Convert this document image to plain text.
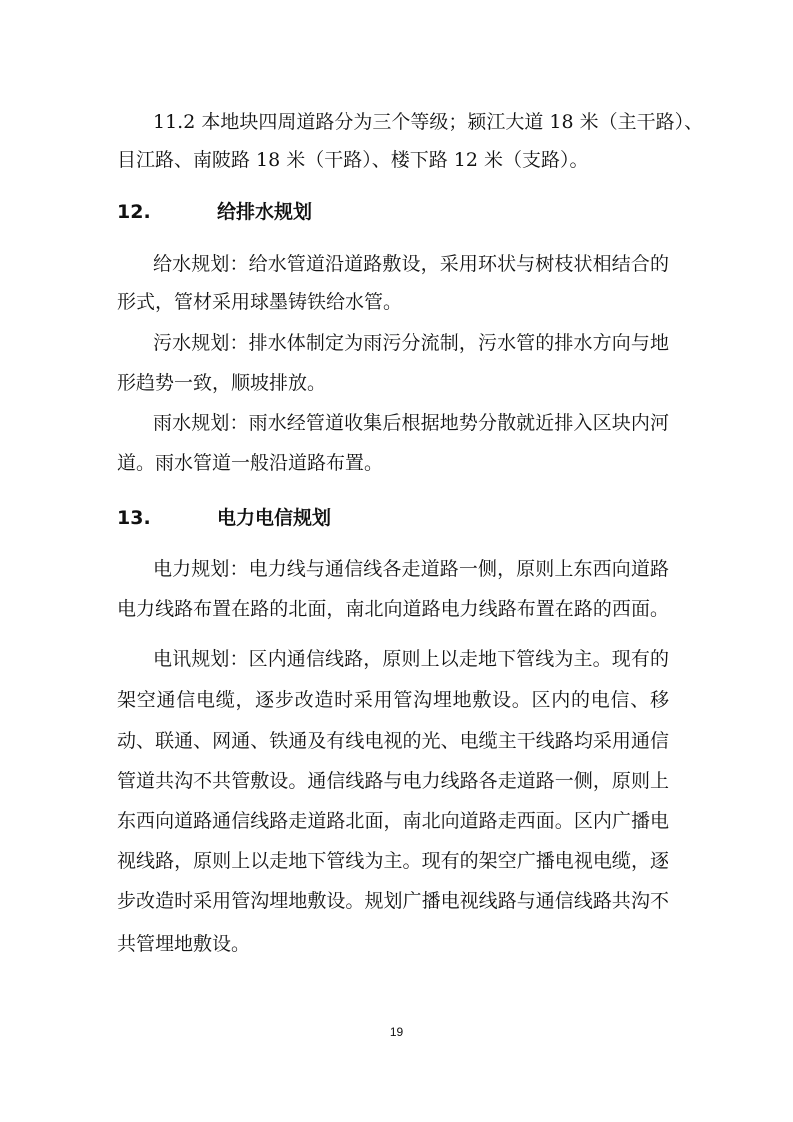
11.2 本地块四周道路分为三个等级；颍江大道 18 米（主干路）、
目江路、南陂路 18 米（干路）、楼下路 12 米（支路）。
12.	给排水规划
给水规划：给水管道沿道路敷设，采用环状与树枝状相结合的
形式，管材采用球墨铸铁给水管。
污水规划：排水体制定为雨污分流制，污水管的排水方向与地
形趋势一致，顺坡排放。
雨水规划：雨水经管道收集后根据地势分散就近排入区块内河
道。雨水管道一般沿道路布置。
13.	电力电信规划
电力规划：电力线与通信线各走道路一侧，原则上东西向道路
电力线路布置在路的北面，南北向道路电力线路布置在路的西面。
电讯规划：区内通信线路，原则上以走地下管线为主。现有的
架空通信电缆，逐步改造时采用管沟埋地敷设。区内的电信、移
动、联通、网通、铁通及有线电视的光、电缆主干线路均采用通信
管道共沟不共管敷设。通信线路与电力线路各走道路一侧，原则上
东西向道路通信线路走道路北面，南北向道路走西面。区内广播电
视线路，原则上以走地下管线为主。现有的架空广播电视电缆，逐
步改造时采用管沟埋地敷设。规划广播电视线路与通信线路共沟不
共管埋地敷设。
19
